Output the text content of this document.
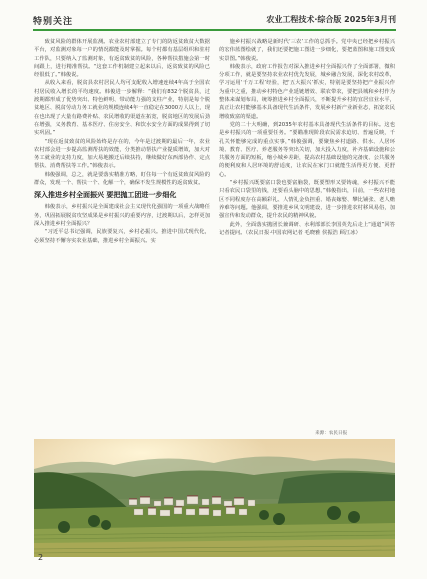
特别关注	农业工程技术·综合版 2025年3月刊

致贫风险的群体开展监测。农业农村部建立了专门的防返贫致贫大数据平台，对监测对象每一户的情况都能及时掌握。每个村都有基层组织和驻村工作队，只要纳入了监测对象，有返贫致贫的风险，各种帮扶措施会第一时间跟上，进行精准帮扶。“这套工作机制建立起来以后，返贫致贫的风险已经很低了。”韩俊说。

从收入来看，脱贫县农村居民人均可支配收入增速连续4年高于全国农村居民收入增长的平均速度。韩俊进一步解释：“我们有832个脱贫县，过渡期都形成了优势突出、特色鲜明、带动能力强的支柱产业，特别是每个脱贫地区、脱贫劳动力务工就业的规模连续4年一直稳定在3000万人以上，现在也出现了大量有路费补贴、农民增收的渠道在拓宽，脱贫地区的发展后劲在增强，义务教育、基本医疗、住房安全、和饮水安全方面的成果得到了切实巩固。”

“现在返贫致贫的风险始终是存在的，今年是过渡期的最后一年，农业农村部会进一步提高监测帮扶的效能，分类推动帮扶产业提质增效，加大对务工就业的支持力度，加大易地搬迁后续扶持，继续做好东西部协作、定点帮扶、消费帮扶等工作。”韩俊表示。

韩俊强调，总之，就是要落实精准方略，盯住每一个有返贫致贫风险的群众，发现一个、帮扶一个、化解一个，确保不发生规模性的返贫致贫。

深入推进乡村全面振兴 要把抛工团进一步细化

韩俊表示，乡村振兴是全面建成社会主义现代化强国的一项重大战略任务，巩固拓展脱贫攻坚成果是乡村振兴的重要内容，过渡期以后，怎样更加深入推进乡村全面振兴？

“习近平总书记强调，民族要复兴，乡村必振兴。推进中国式现代化，必须坚持不懈夯实农业基础，推进乡村全面振兴。实

施乡村振兴战略是新时代‘三农’工作的总抓手。党中央已经把乡村振兴的宏伟蓝图绘就了，我们还要把施工图进一步细化，要把蓝图和施工图变成实景图。”韩俊说。

韩俊表示，政府工作报告对深入推进乡村全面振兴作了全面部署，微积分项工作，就是要坚持农业农村优先发展，城乡融合发展，深化农村改革，学习运用‘千万工程’经验，把‘五大振兴’抓实，特别是要坚持把产业振兴作为重中之重，推动乡村特色产业延链增效、联农带农，要把县城和乡村作为整体来谋划布局，统筹推进乡村全面振兴，不断提升乡村的宜居宜业水平，真正让农村能够基本具备现代生活条件，发展乡村新产业新业态，拓宽农民增收致富的渠道。

党的二十大明确，到2035年农村基本具备现代生活条件的目标。这也是乡村振兴的一项重要任务。“要瞄准现阶段农民需求迫切、普遍反映，千孔关怀能够完成的重点实事，”韩俊强调，要聚焦乡村道路、供水、人居环境、教育、医疗、养老服务等突出关切，加大投入力度，补齐基础设施和公共服务方面的短板，缩小城乡差距，提高农村基础设施的完备度、公共服务的便利度和人居环境的舒适度，让农民在家门口就能生活得更方便、更舒心。

“乡村振兴既要富口袋也要富脑袋，既要塑形又要铸魂，乡村振兴不能只看农民口袋里的钱，还要看头脑中的思想，”韩俊指出，目前，一些农村地区不同程度存在高额彩礼、人情礼金负担重、婚丧嫁娶、攀比铺张、老人赡养难等问题。他强调，要推进乡风文明建设，进一步推进农村移风易俗，加强宣传和发动群众，提升农民的精神风貌。

此外，全面落实抛团长兼调研、水利部部长李国英先后走上“通道”回答记者提问。（农民日报·中国农网记者 毛晓雅 侯振浩 顾江冰）

来源：农民日报
2
